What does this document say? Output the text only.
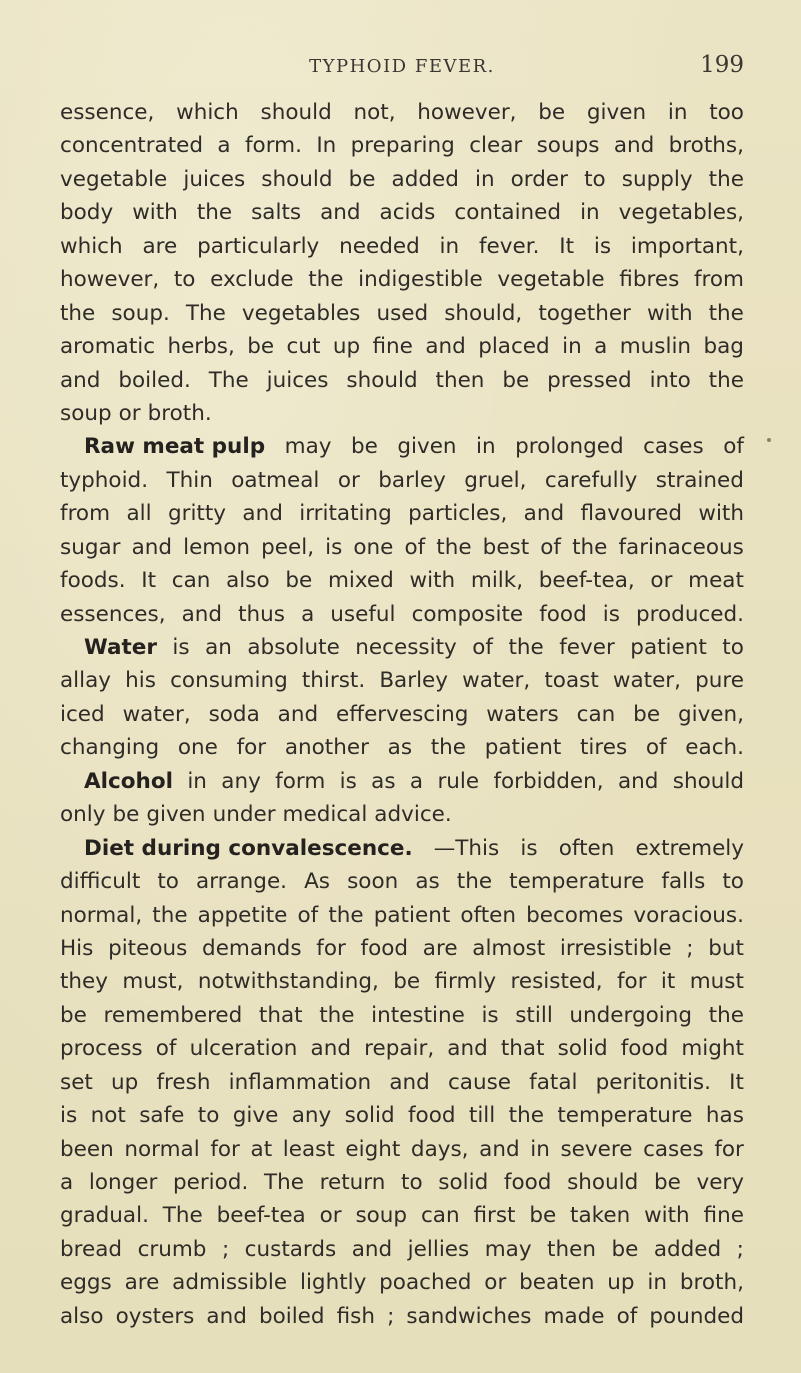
TYPHOID FEVER.	199
essence, which should not, however, be given in too
concentrated a form. In preparing clear soups and broths,
vegetable juices should be added in order to supply the
body with the salts and acids contained in vegetables,
which are particularly needed in fever. It is important,
however, to exclude the indigestible vegetable fibres from
the soup. The vegetables used should, together with the
aromatic herbs, be cut up fine and placed in a muslin bag
and boiled. The juices should then be pressed into the
soup or broth.
Raw meat pulp may be given in prolonged cases of
typhoid. Thin oatmeal or barley gruel, carefully strained
from all gritty and irritating particles, and flavoured with
sugar and lemon peel, is one of the best of the farinaceous
foods. It can also be mixed with milk, beef-tea, or meat
essences, and thus a useful composite food is produced.
Water is an absolute necessity of the fever patient to
allay his consuming thirst. Barley water, toast water, pure
iced water, soda and effervescing waters can be given,
changing one for another as the patient tires of each.
Alcohol in any form is as a rule forbidden, and should
only be given under medical advice.
Diet during convalescence. —This is often extremely
difficult to arrange. As soon as the temperature falls to
normal, the appetite of the patient often becomes voracious.
His piteous demands for food are almost irresistible ; but
they must, notwithstanding, be firmly resisted, for it must
be remembered that the intestine is still undergoing the
process of ulceration and repair, and that solid food might
set up fresh inflammation and cause fatal peritonitis. It
is not safe to give any solid food till the temperature has
been normal for at least eight days, and in severe cases for
a longer period. The return to solid food should be very
gradual. The beef-tea or soup can first be taken with fine
bread crumb ; custards and jellies may then be added ;
eggs are admissible lightly poached or beaten up in broth,
also oysters and boiled fish ; sandwiches made of pounded
